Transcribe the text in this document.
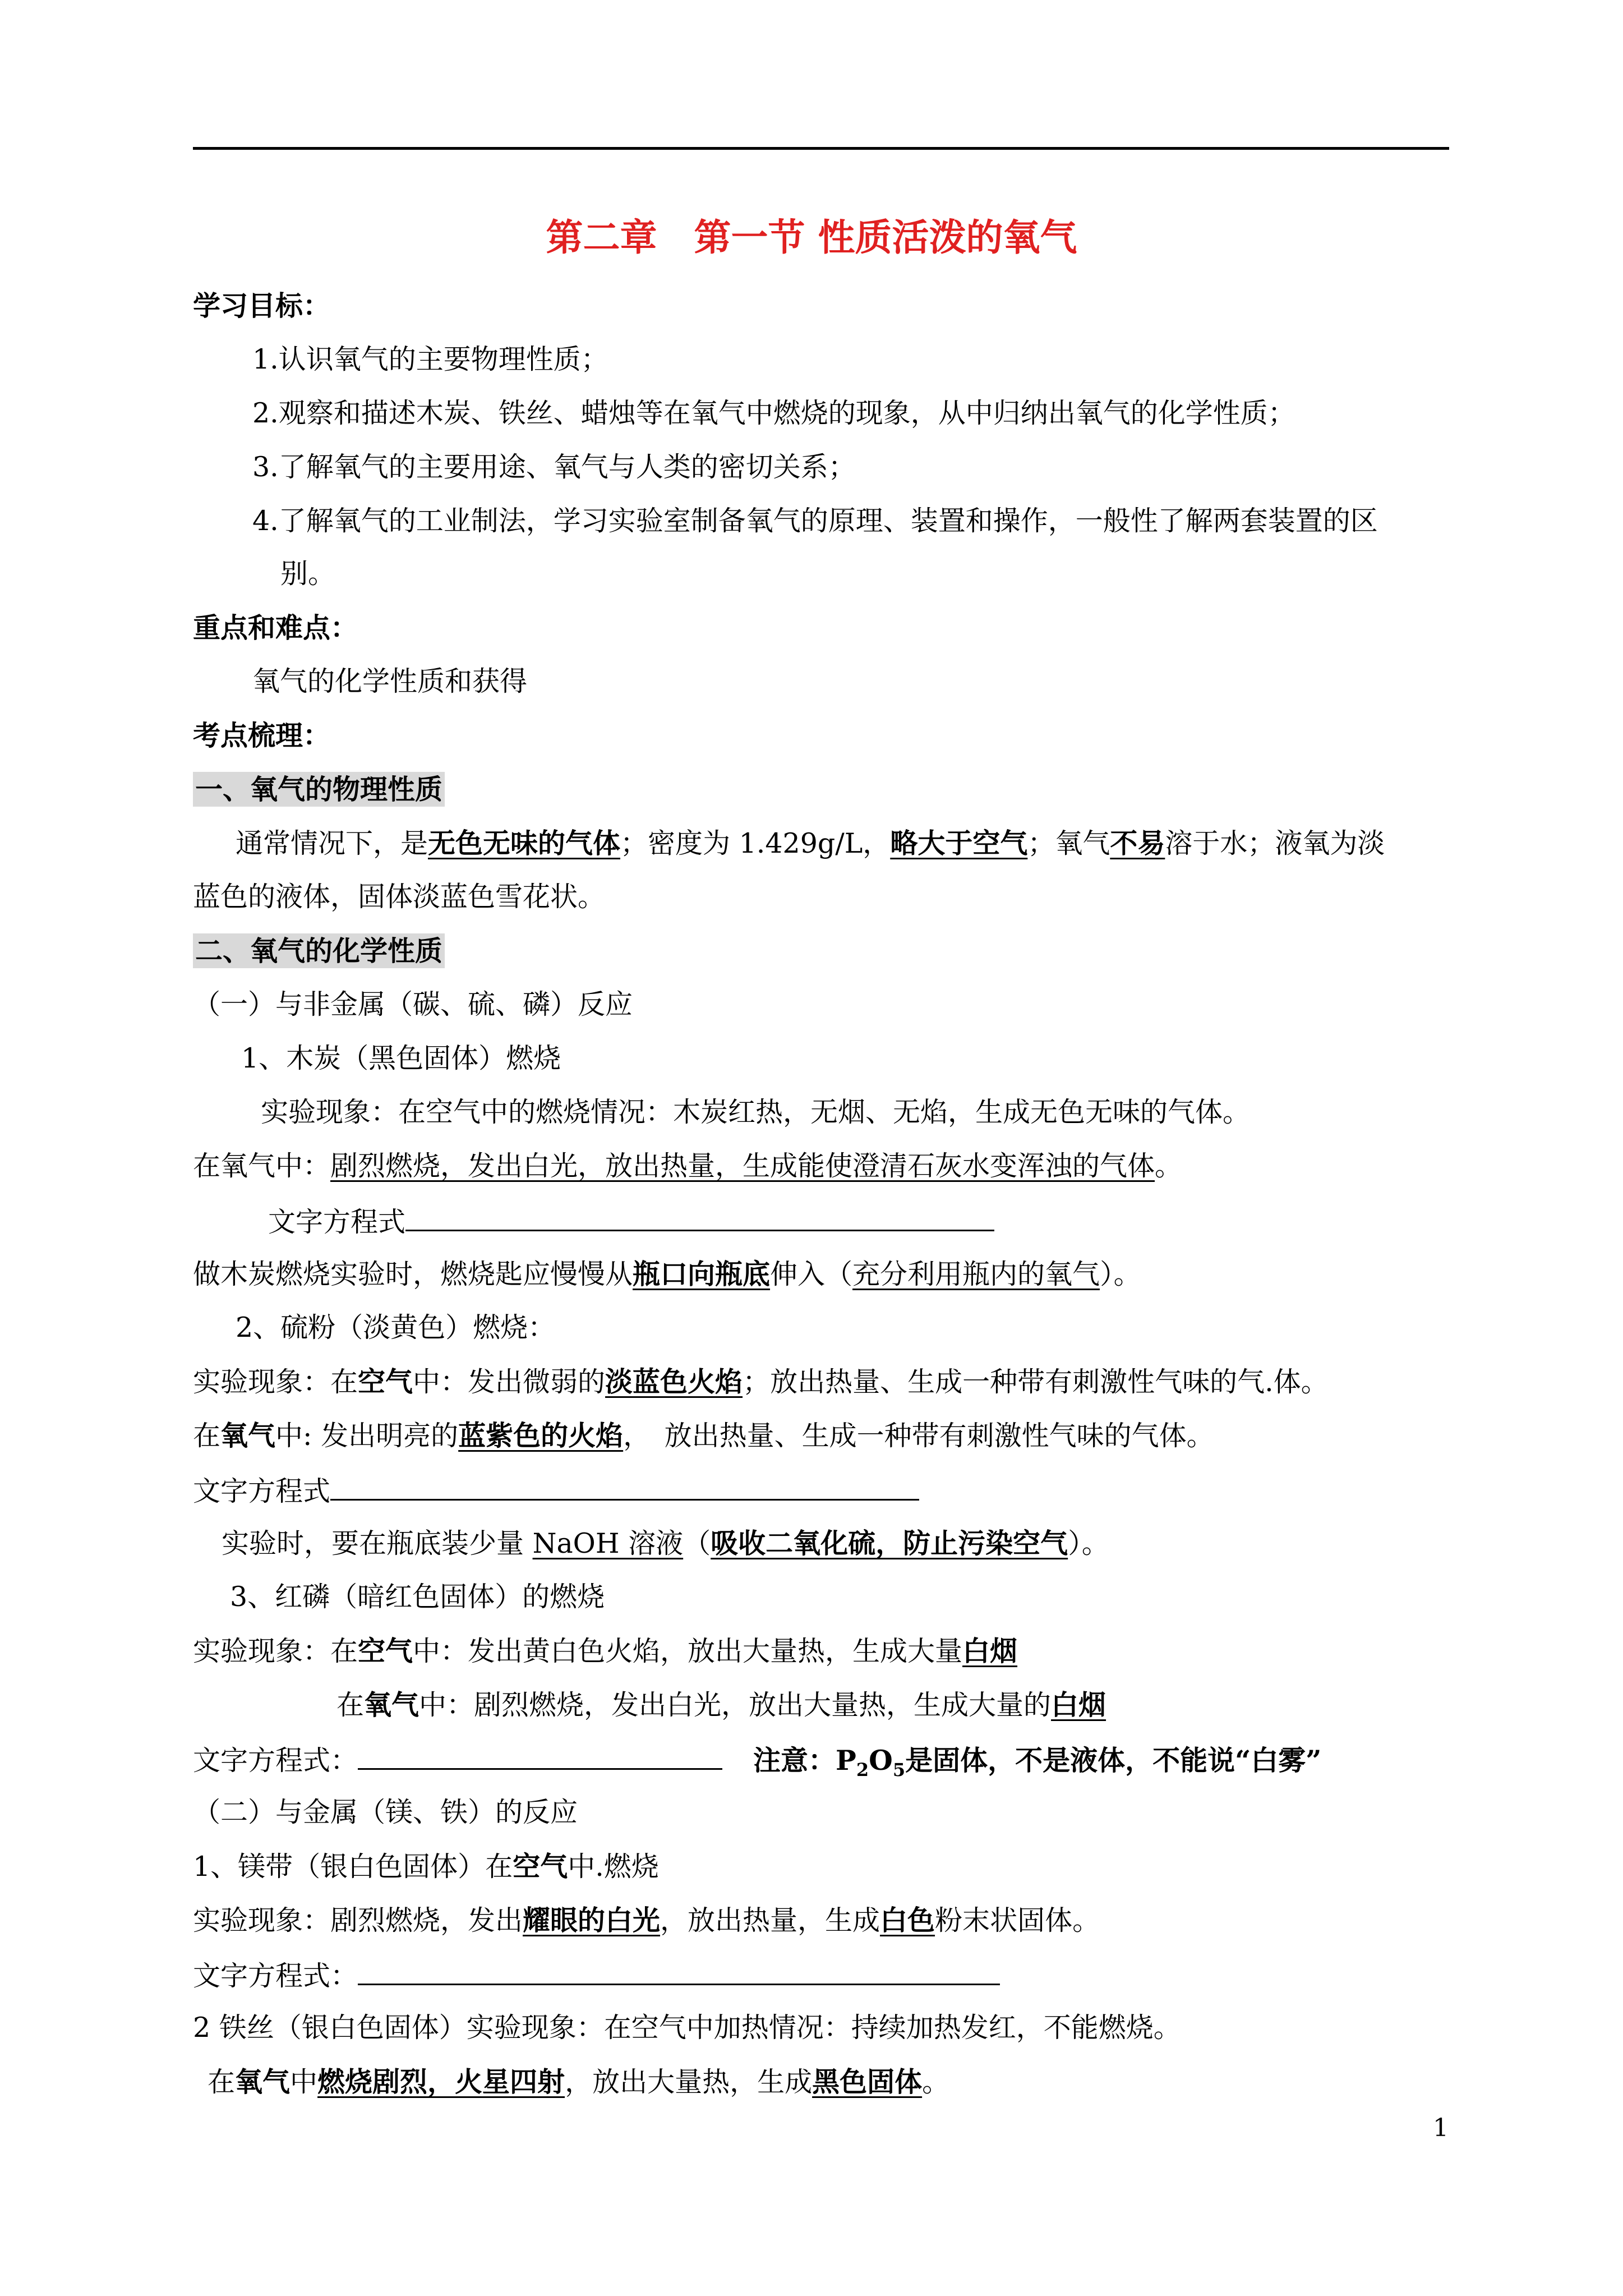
第二章　第一节 性质活泼的氧气
学习目标：
1.认识氧气的主要物理性质；
2.观察和描述木炭、铁丝、蜡烛等在氧气中燃烧的现象，从中归纳出氧气的化学性质；
3.了解氧气的主要用途、氧气与人类的密切关系；
4.了解氧气的工业制法，学习实验室制备氧气的原理、装置和操作，一般性了解两套装置的区
别。
重点和难点：
氧气的化学性质和获得
考点梳理：
一、氧气的物理性质
通常情况下，是无色无味的气体；密度为 1.429g/L，略大于空气；氧气不易溶于水；液氧为淡
蓝色的液体，固体淡蓝色雪花状。
二、氧气的化学性质
（一）与非金属（碳、硫、磷）反应
1、木炭（黑色固体）燃烧
实验现象：在空气中的燃烧情况：木炭红热，无烟、无焰，生成无色无味的气体。
在氧气中：剧烈燃烧，发出白光，放出热量，生成能使澄清石灰水变浑浊的气体。
文字方程式
做木炭燃烧实验时，燃烧匙应慢慢从瓶口向瓶底伸入（充分利用瓶内的氧气）。
2、硫粉（淡黄色）燃烧：
实验现象：在空气中：发出微弱的淡蓝色火焰；放出热量、生成一种带有刺激性气味的气.体。
在氧气中: 发出明亮的蓝紫色的火焰，　放出热量、生成一种带有刺激性气味的气体。
文字方程式
实验时，要在瓶底装少量 NaOH 溶液（吸收二氧化硫，防止污染空气）。
3、红磷（暗红色固体）的燃烧
实验现象：在空气中：发出黄白色火焰，放出大量热，生成大量白烟
在氧气中：剧烈燃烧，发出白光，放出大量热，生成大量的白烟
文字方程式：	注意：$P_2O_5$是固体，不是液体，不能说“白雾”
（二）与金属（镁、铁）的反应
1、镁带（银白色固体）在空气中.燃烧
实验现象：剧烈燃烧，发出耀眼的白光，放出热量，生成白色粉末状固体。
文字方程式：
2 铁丝（银白色固体）实验现象：在空气中加热情况：持续加热发红，不能燃烧。
在氧气中燃烧剧烈，火星四射，放出大量热，生成黑色固体。
1
